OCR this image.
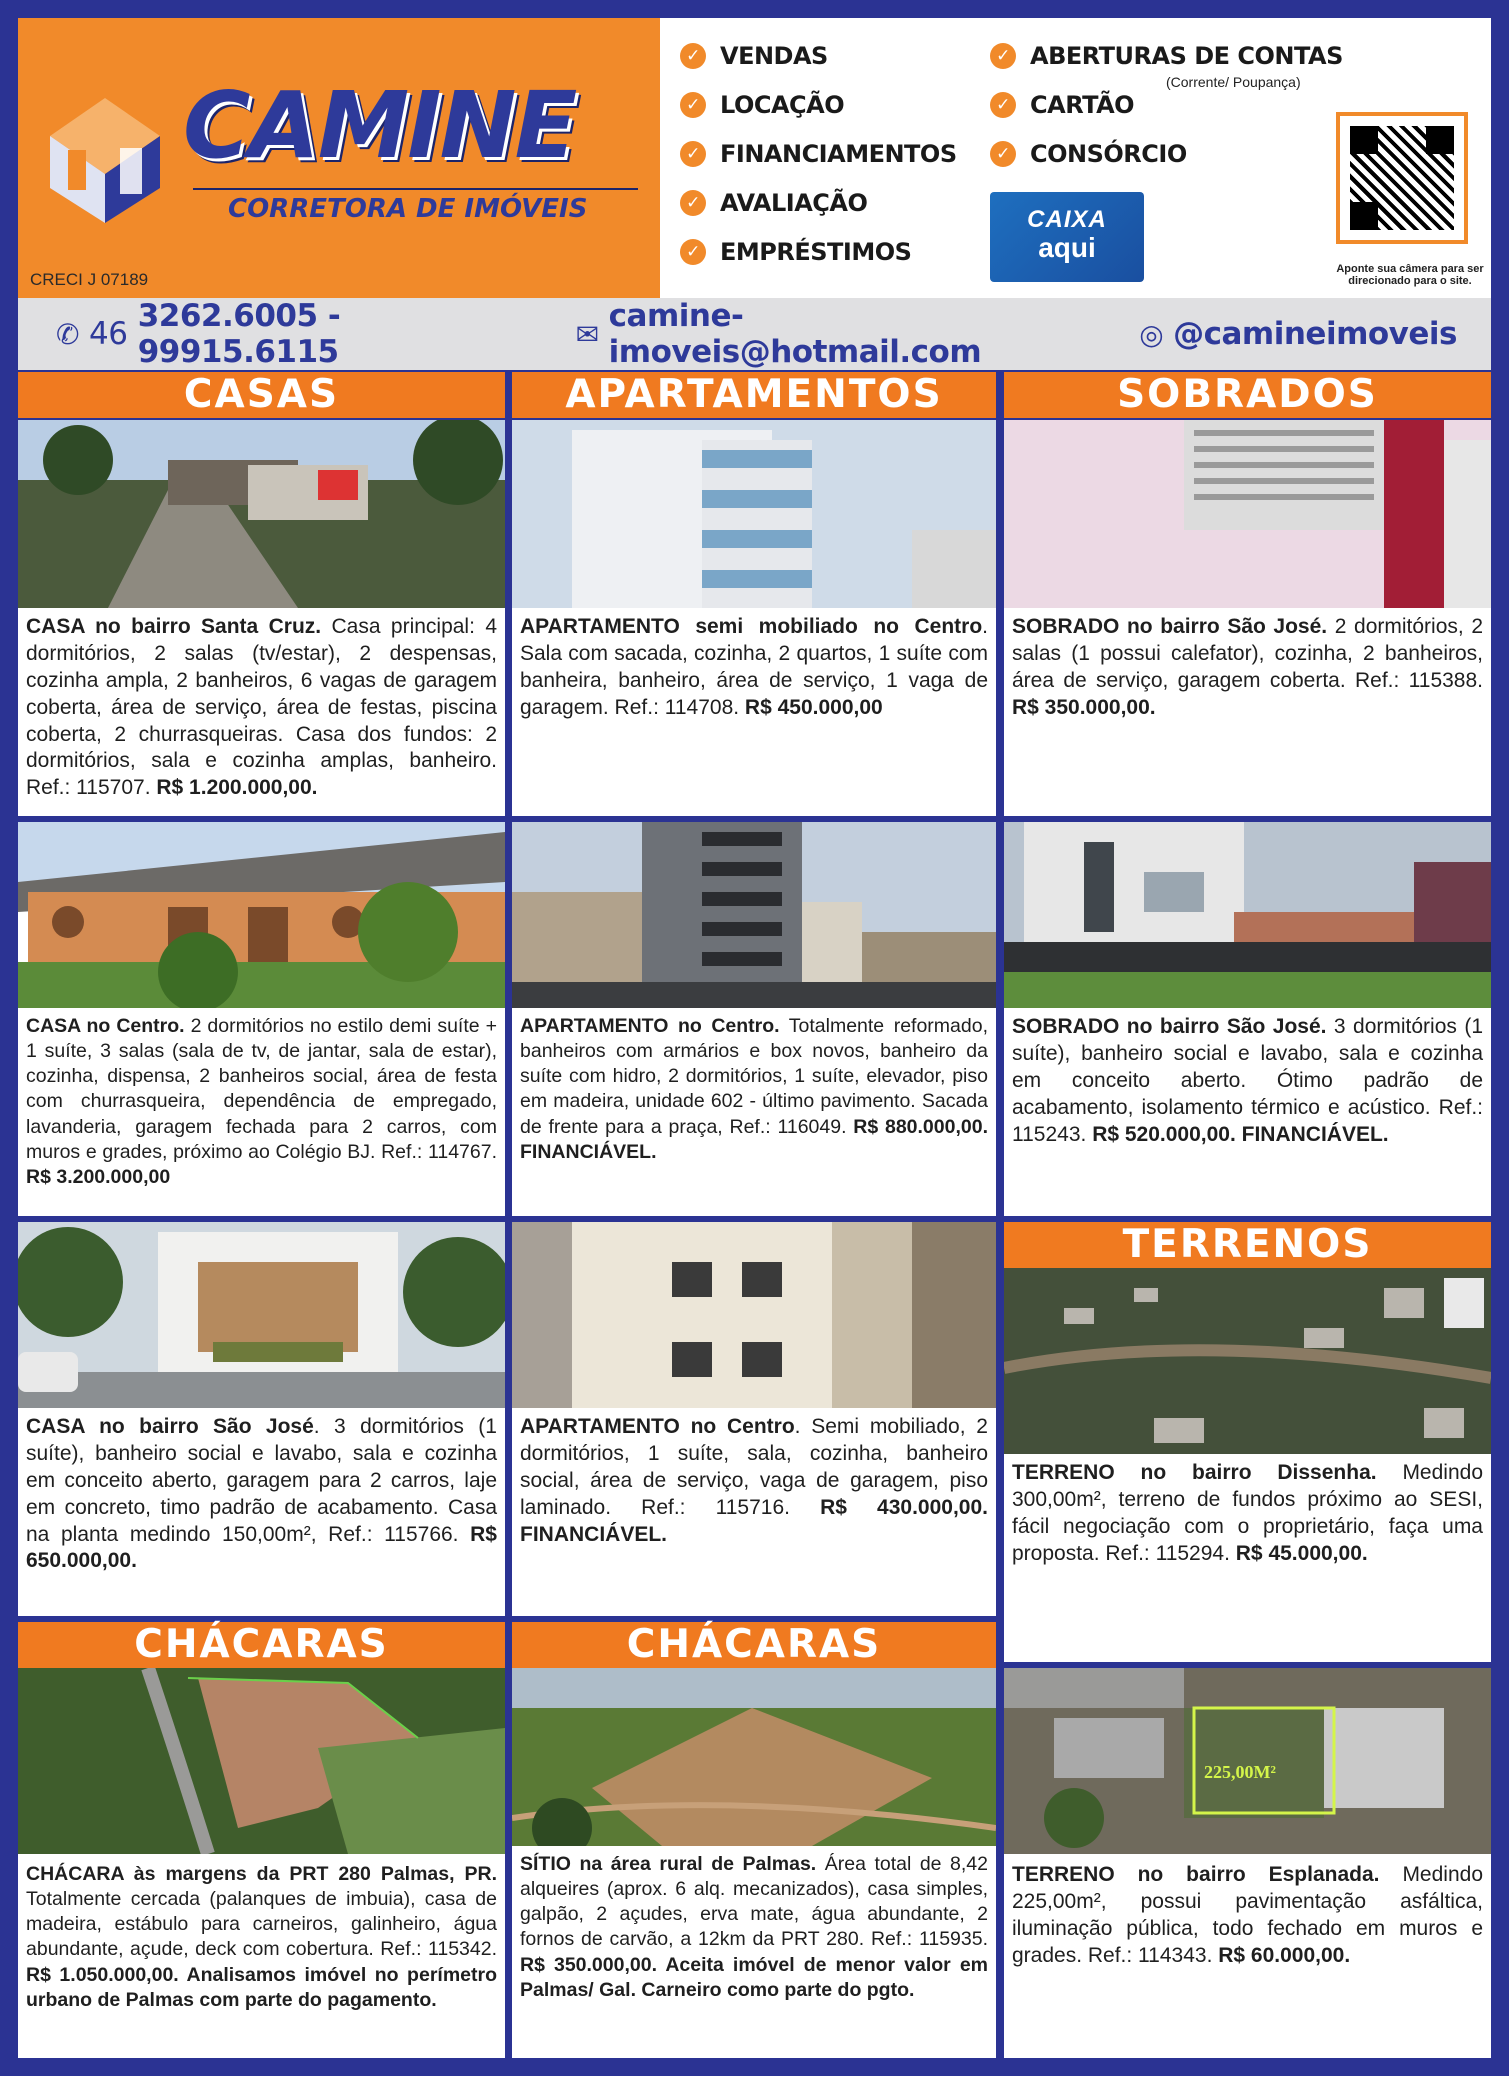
CAMINE
CORRETORA DE IMÓVEIS
CRECI J 07189
✓ VENDAS
✓ LOCAÇÃO
✓ FINANCIAMENTOS
✓ AVALIAÇÃO
✓ EMPRÉSTIMOS
✓ ABERTURAS DE CONTAS
(Corrente/ Poupança)
✓ CARTÃO
✓ CONSÓRCIO
CAIXA
aqui
Aponte sua câmera para ser direcionado para o site.
✆ 46
3262.6005 - 99915.6115	✉ camine-imoveis@hotmail.com	◎ @camineimoveis
CASAS	APARTAMENTOS	SOBRADOS

CASA no bairro Santa Cruz. Casa principal: 4 dormitórios, 2 salas (tv/estar), 2 despensas, cozinha ampla, 2 banheiros, 6 vagas de garagem coberta, área de serviço, área de festas, piscina coberta, 2 churrasqueiras. Casa dos fundos: 2 dormitórios, sala e cozinha amplas, banheiro. Ref.: 115707. R$ 1.200.000,00.

APARTAMENTO semi mobiliado no Centro. Sala com sacada, cozinha, 2 quartos, 1 suíte com banheira, banheiro, área de serviço, 1 vaga de garagem. Ref.: 114708. R$ 450.000,00

SOBRADO no bairro São José. 2 dormitórios, 2 salas (1 possui calefator), cozinha, 2 banheiros, área de serviço, garagem coberta. Ref.: 115388. R$ 350.000,00.

CASA no Centro. 2 dormitórios no estilo demi suíte + 1 suíte, 3 salas (sala de tv, de jantar, sala de estar), cozinha, dispensa, 2 banheiros social, área de festa com churrasqueira, dependência de empregado, lavanderia, garagem fechada para 2 carros, com muros e grades, próximo ao Colégio BJ. Ref.: 114767. R$ 3.200.000,00

APARTAMENTO no Centro. Totalmente reformado, banheiros com armários e box novos, banheiro da suíte com hidro, 2 dormitórios, 1 suíte, elevador, piso em madeira, unidade 602 - último pavimento. Sacada de frente para a praça, Ref.: 116049. R$ 880.000,00. FINANCIÁVEL.

SOBRADO no bairro São José. 3 dormitórios (1 suíte), banheiro social e lavabo, sala e cozinha em conceito aberto. Ótimo padrão de acabamento, isolamento térmico e acústico. Ref.: 115243. R$ 520.000,00. FINANCIÁVEL.

CASA no bairro São José. 3 dormitórios (1 suíte), banheiro social e lavabo, sala e cozinha em conceito aberto, garagem para 2 carros, laje em concreto, timo padrão de acabamento. Casa na planta medindo 150,00m², Ref.: 115766. R$ 650.000,00.

APARTAMENTO no Centro. Semi mobiliado, 2 dormitórios, 1 suíte, sala, cozinha, banheiro social, área de serviço, vaga de garagem, piso laminado. Ref.: 115716. R$ 430.000,00. FINANCIÁVEL.

TERRENOS

TERRENO no bairro Dissenha. Medindo 300,00m², terreno de fundos próximo ao SESI, fácil negociação com o proprietário, faça uma proposta. Ref.: 115294. R$ 45.000,00.

CHÁCARAS

CHÁCARA às margens da PRT 280 Palmas, PR. Totalmente cercada (palanques de imbuia), casa de madeira, estábulo para carneiros, galinheiro, água abundante, açude, deck com cobertura. Ref.: 115342. R$ 1.050.000,00. Analisamos imóvel no perímetro urbano de Palmas com parte do pagamento.

CHÁCARAS

SÍTIO na área rural de Palmas. Área total de 8,42 alqueires (aprox. 6 alq. mecanizados), casa simples, galpão, 2 açudes, erva mate, água abundante, 2 fornos de carvão, a 12km da PRT 280. Ref.: 115935. R$ 350.000,00. Aceita imóvel de menor valor em Palmas/ Gal. Carneiro como parte do pgto.

225,00M²

TERRENO no bairro Esplanada. Medindo 225,00m², possui pavimentação asfáltica, iluminação pública, todo fechado em muros e grades. Ref.: 114343. R$ 60.000,00.
